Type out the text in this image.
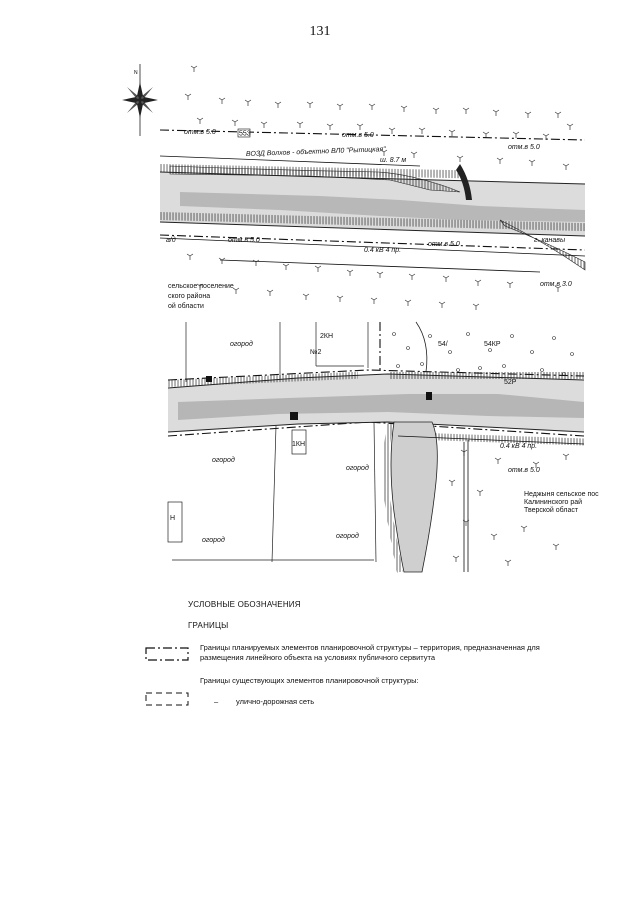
131
N
553
отм.в 5.0	отм.в 5.0
отм.в 5.0
отм.в 5.0
отм.в 5.0
отм.в 3.0
ВОЗД Волхов - объектно ВЛ0 "Рытицкая"
ш. 8.7 м
0.4 кВ 4 пр.
г. канавы
а/д
сельское поселение
ского района
ой области
огород
огород
огород
огород
огород
2КН
№2
1КН
Н
54/	54КР
52Р
отм.в 5.0
0.4 кВ 4 пр.
Неджыня сельское пос
Калининского рай
Тверской област
УСЛОВНЫЕ ОБОЗНАЧЕНИЯ
ГРАНИЦЫ
Границы планируемых элементов планировочной структуры – территория, предназначенная для размещения линейного объекта на условиях публичного сервитута
Границы существующих элементов планировочной структуры:
– улично-дорожная сеть
